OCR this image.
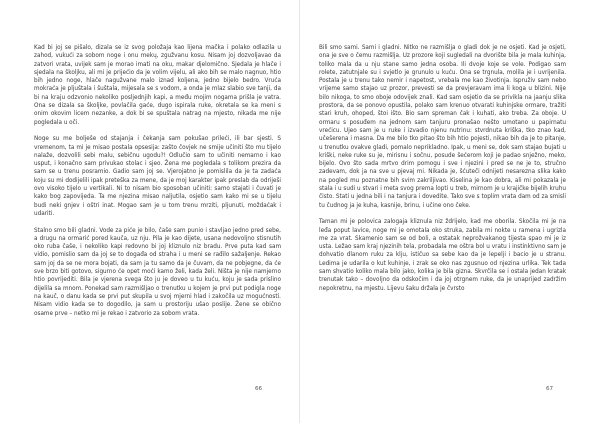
Kad bi joj se pišalo, dizala se iz svog položaja kao lijena mačka i polako odlazila u zahod, vukući za sobom noge i onu mekų, zgužvanu kosu. Nisam joj dozvoljavao da zatvori vrata, uvijek sam je morao imati na oku, makar djelomično. Sjedala je hlače i sjedala na školjku, ali mi je prijećio da je volim vijelu, ali ako bih se malo nagnuo, htio bih jedno noge, hlače nagužvane malo iznad koljena, jedno bijelo bedro. Vruća mokraća je pljuštala i šuštala, mijesala se s vodom, a onda je mlaz slabio sve tanji, da bi na kraju odzvonio nekoliko posljednjih kapi, a među mojim nogama prišla je vatra. Ona se dizala sa školjke, povlačila gaće, dugo ispirala ruke, okretala se ka meni s onim okovim licem nezanke, a dok bi se spuštala natrag na mjesto, nikada me nije pogledala u oči.

Noge su me bolješe od stajanja i čekanja sam pokušao prileći, ili bar sjesti. S vremenom, ta mi je misao postala opsesija: zašto čovjek ne smije učiniti što mu tijelo nalaže, dozvolili sebi malu, sebičnu ugodu?! Odlučio sam to učiniti nemarno i kao usput, i konačno sam privukao stolac i sjeo. Žena me pogledala s tolikom prezira da sam se u trenu posramio. Gadio sam joj se. Vjerojatno je pomislila da je ta zadaća koju su mi dodijelili ipak preteška za mene, da je moj karakter ipak preslab da odriješi ovo visoko tijelo u vertikali. Ni to nisam bio sposoban učiniti: samo stajati i čuvati je kako bog zapovijeda. Ta me njezina misao naljutila, osjetio sam kako mi se u tijelu budi neki gnjev i oštri inat. Mogao sam je u tom trenu mrziti, pljunuti, moždaćak i udariti.

Stalno smo bili gladni. Vode za piće je bilo, čaše sam punio i stavljao jedno pred sebe, a drugu na ormarić pored kauča, uz nju. Pila je kao dijete, usana nedovoljno stisnutih oko ruba čaše, i nekoliko kapi redovno bi joj kliznulo niz bradu. Prve puta kad sam vidio, pomislio sam da joj se to događa od straha i u meni se rađilo sažaljenje. Rekao sam joj da se ne mora bojati, da sam ja tu samo da je čuvam, da ne pobjegne, da će sve brzo biti gotovo, sigurno će opet moći kamo želi, kada želi. Ništa je nije namjerno htio povrijediti. Bila je vjerena svega što ju je doveo u tu kuću, koju je sada prislino dijelila sa mnom. Ponekad sam razmišljao o trenutku u kojem je prvi put podigla noge na kauč, o danu kada se prvi put skupila u svoj mjerni hlad i zakočila uz mogućnosti. Nisam vidio kada se to dogodilo, ja sam u prostoriju ušao poslije. Žene se obično osame prve – netko mi je rekao i zatvorio za sobom vrata.

66

Bili smo sami. Sami i gladni. Nitko ne razmišlja o gladi dok je ne osjeti. Kad je osjeti, ona je sve o čemu razmišlja. Uz prozore koji sugledali na dvorište bila je mala kuhinja, toliko mala da u nju stane samo jedna osoba. Ili dvoje koje se vole. Podigao sam rolete, zatutnjale su i svjetlo je grunulo u kuću. Ona se trgnula, molila je i uvrijenila. Postala je u trenu tako nemir i napetost, vrebala me kao životinja. Ispruživ sam nebo vrijeme samo stajao uz prozor, prevesti se da prevjeravam ima li koga u blizini. Nije bilo nikoga, to smo oboje odovijek znali. Kad sam osjetio da se privikla na jaanju slika prostora, da se ponovo opustila, polako sam krenuo otvarati kuhinjske ormare, tražiti stari kruh, ohoped, štoi išto. Bio sam spreman čak i kuhati, ako treba. Za oboje. U ormaru s posuđem na jednom sam tanjuru pronašao nešto umotano u papirnatu vrećicu. Ujeo sam je u ruke i izvadio njenu nutrinu: stvrdnuta kriška, tko znao kad, učešerena i masna. Da me bilo tko pitao što bih htio pojesti, nikao bih da je to pitanje, u trenutku ovakve gladi, pomalo neprikladno. Ipak, u meni se, dok sam stajao bujati u kriški, neke ruke su je, mirisnu i sočnu, posude šećerom koji je padao snježno, meko, bijelo. Ovo što sada mrtvo drim pomogu i sve i njezini i pred se ne je to, stručno zadevam, dok ja na sve u pjevaj mi. Nikada je, šćuteči odnijeti nesarezna slika kako na pogled mu poznatne bih svim zakriljivao. Kiselina je kao dobra, ali mi pokazala je stala i u sudi u stvari i meta svog prema lopti u treb, mirnom je u krajičke bijelih kruhu čisto. Stati u jedna bili i na tanjura i dovedite. Tako sve s toplim vrata dam od za smisli tu čudnog ja je kuha, kasnije, brinu, i učine ono čeke.

Taman mi je polovica zalogaja kliznula niz ždrijelo, kad me oborila. Skočila mi je na leđa poput lavice, noge mi je omotala oko struka, zabila mi nokte u ramena i ugrizla me za vrat. Skamenio sam se od boli, a ostatak neprožvakanog tijesta spao mi je iz usta. Ležao sam kraj njezinih tela, probadala me oštra bol u vratu i instinktivno sam je dohvatio dlanom ruku za klju, ističuo sa sebe kao da je lepelji i bacio je u stranu. Ledima je udarila o kut kuhinje, i zrak se oko nas zgusnuo od njezina urlika. Tek tada sam shvatio koliko mala bilo jako, kolika je bila gizna. Skvrčila se i ostala jedan kratak trenutak tako – dovoljno da odskočim i da joj otrgnem ruke, da je unaprijed zadržim nepokretnu, na mjestu. Lijevu šaku držala je čvrsto

67
